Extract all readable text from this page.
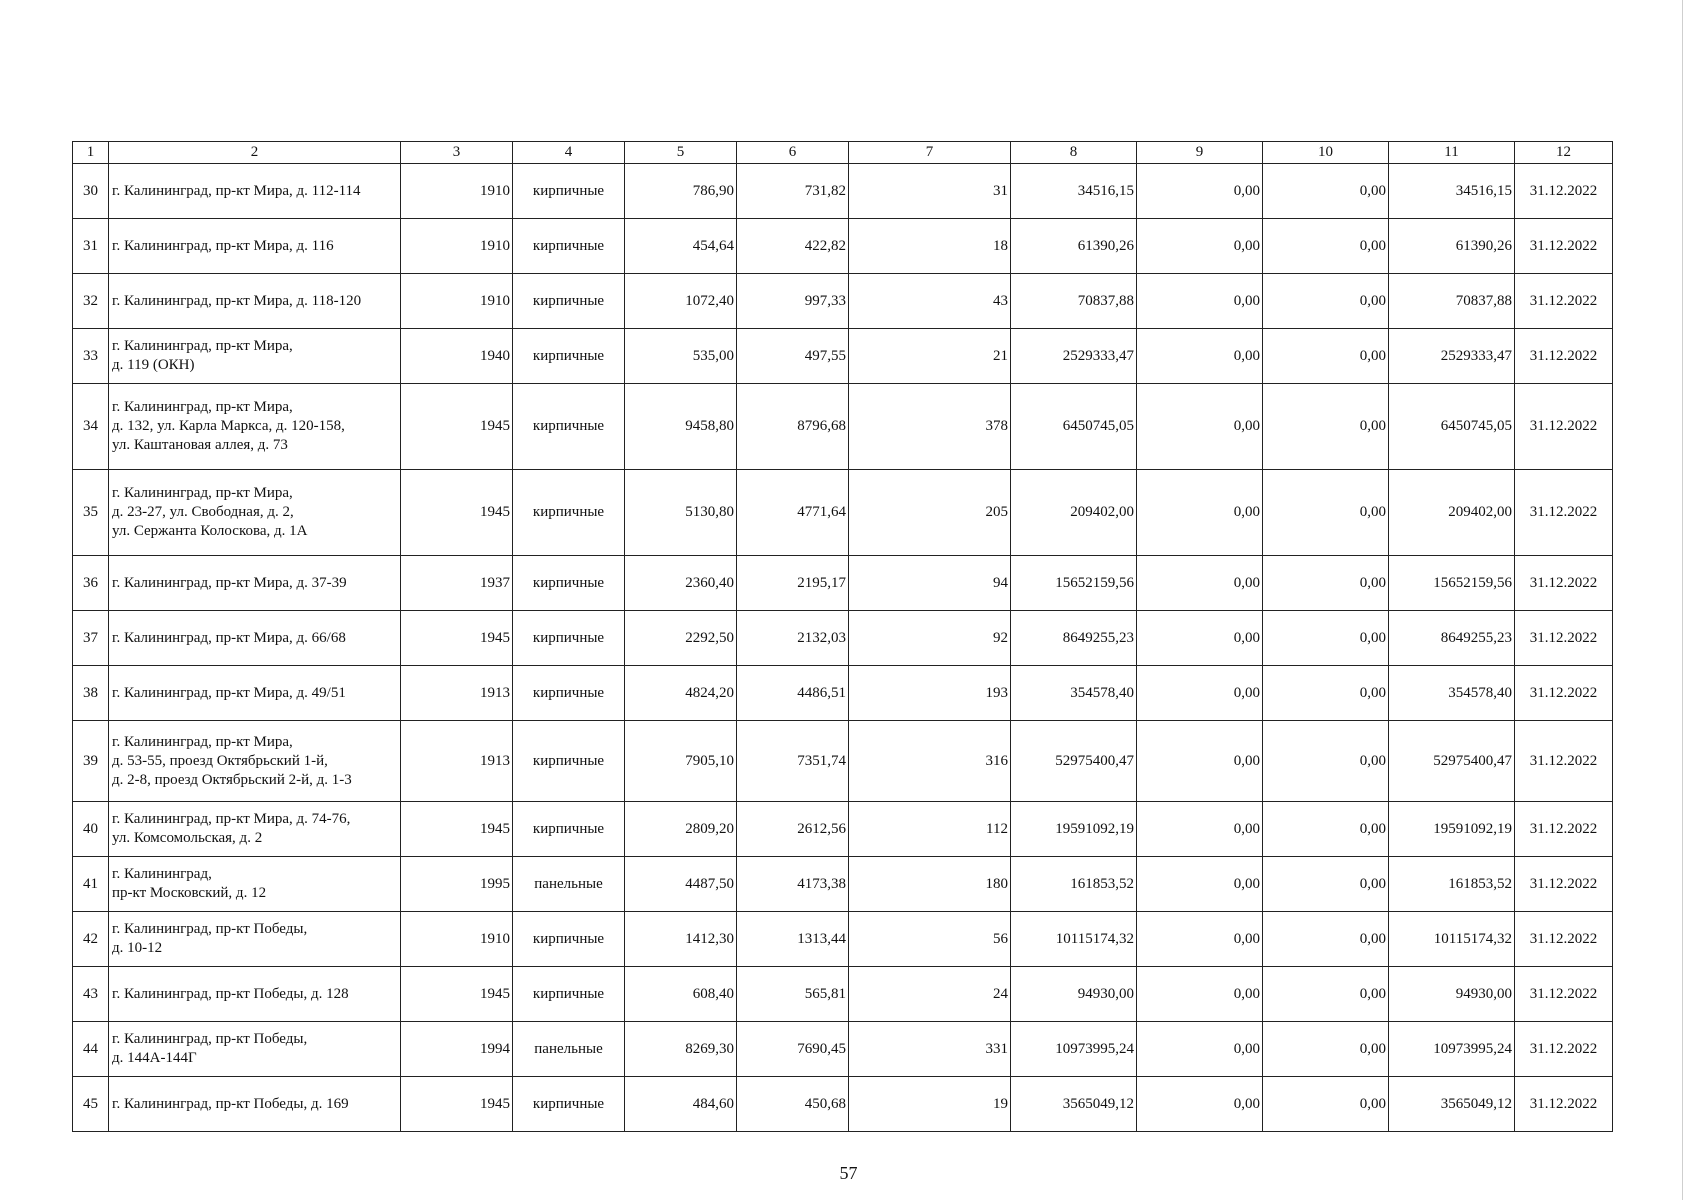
1	2	3	4	5	6	7	8	9	10	11	12
30	г. Калининград, пр-кт Мира, д. 112-114	1910	кирпичные	786,90	731,82	31	34516,15	0,00	0,00	34516,15	31.12.2022
31	г. Калининград, пр-кт Мира, д. 116	1910	кирпичные	454,64	422,82	18	61390,26	0,00	0,00	61390,26	31.12.2022
32	г. Калининград, пр-кт Мира, д. 118-120	1910	кирпичные	1072,40	997,33	43	70837,88	0,00	0,00	70837,88	31.12.2022
33	г. Калининград, пр-кт Мира,
д. 119 (ОКН)	1940	кирпичные	535,00	497,55	21	2529333,47	0,00	0,00	2529333,47	31.12.2022
34	г. Калининград, пр-кт Мира,
д. 132, ул. Карла Маркса, д. 120-158,
ул. Каштановая аллея, д. 73	1945	кирпичные	9458,80	8796,68	378	6450745,05	0,00	0,00	6450745,05	31.12.2022
35	г. Калининград, пр-кт Мира,
д. 23-27, ул. Свободная, д. 2,
ул. Сержанта Колоскова, д. 1А	1945	кирпичные	5130,80	4771,64	205	209402,00	0,00	0,00	209402,00	31.12.2022
36	г. Калининград, пр-кт Мира, д. 37-39	1937	кирпичные	2360,40	2195,17	94	15652159,56	0,00	0,00	15652159,56	31.12.2022
37	г. Калининград, пр-кт Мира, д. 66/68	1945	кирпичные	2292,50	2132,03	92	8649255,23	0,00	0,00	8649255,23	31.12.2022
38	г. Калининград, пр-кт Мира, д. 49/51	1913	кирпичные	4824,20	4486,51	193	354578,40	0,00	0,00	354578,40	31.12.2022
39	г. Калининград, пр-кт Мира,
д. 53-55, проезд Октябрьский 1-й,
д. 2-8, проезд Октябрьский 2-й, д. 1-3	1913	кирпичные	7905,10	7351,74	316	52975400,47	0,00	0,00	52975400,47	31.12.2022
40	г. Калининград, пр-кт Мира, д. 74-76,
ул. Комсомольская, д. 2	1945	кирпичные	2809,20	2612,56	112	19591092,19	0,00	0,00	19591092,19	31.12.2022
41	г. Калининград,
пр-кт Московский, д. 12	1995	панельные	4487,50	4173,38	180	161853,52	0,00	0,00	161853,52	31.12.2022
42	г. Калининград, пр-кт Победы,
д. 10-12	1910	кирпичные	1412,30	1313,44	56	10115174,32	0,00	0,00	10115174,32	31.12.2022
43	г. Калининград, пр-кт Победы, д. 128	1945	кирпичные	608,40	565,81	24	94930,00	0,00	0,00	94930,00	31.12.2022
44	г. Калининград, пр-кт Победы,
д. 144А-144Г	1994	панельные	8269,30	7690,45	331	10973995,24	0,00	0,00	10973995,24	31.12.2022
45	г. Калининград, пр-кт Победы, д. 169	1945	кирпичные	484,60	450,68	19	3565049,12	0,00	0,00	3565049,12	31.12.2022
57
